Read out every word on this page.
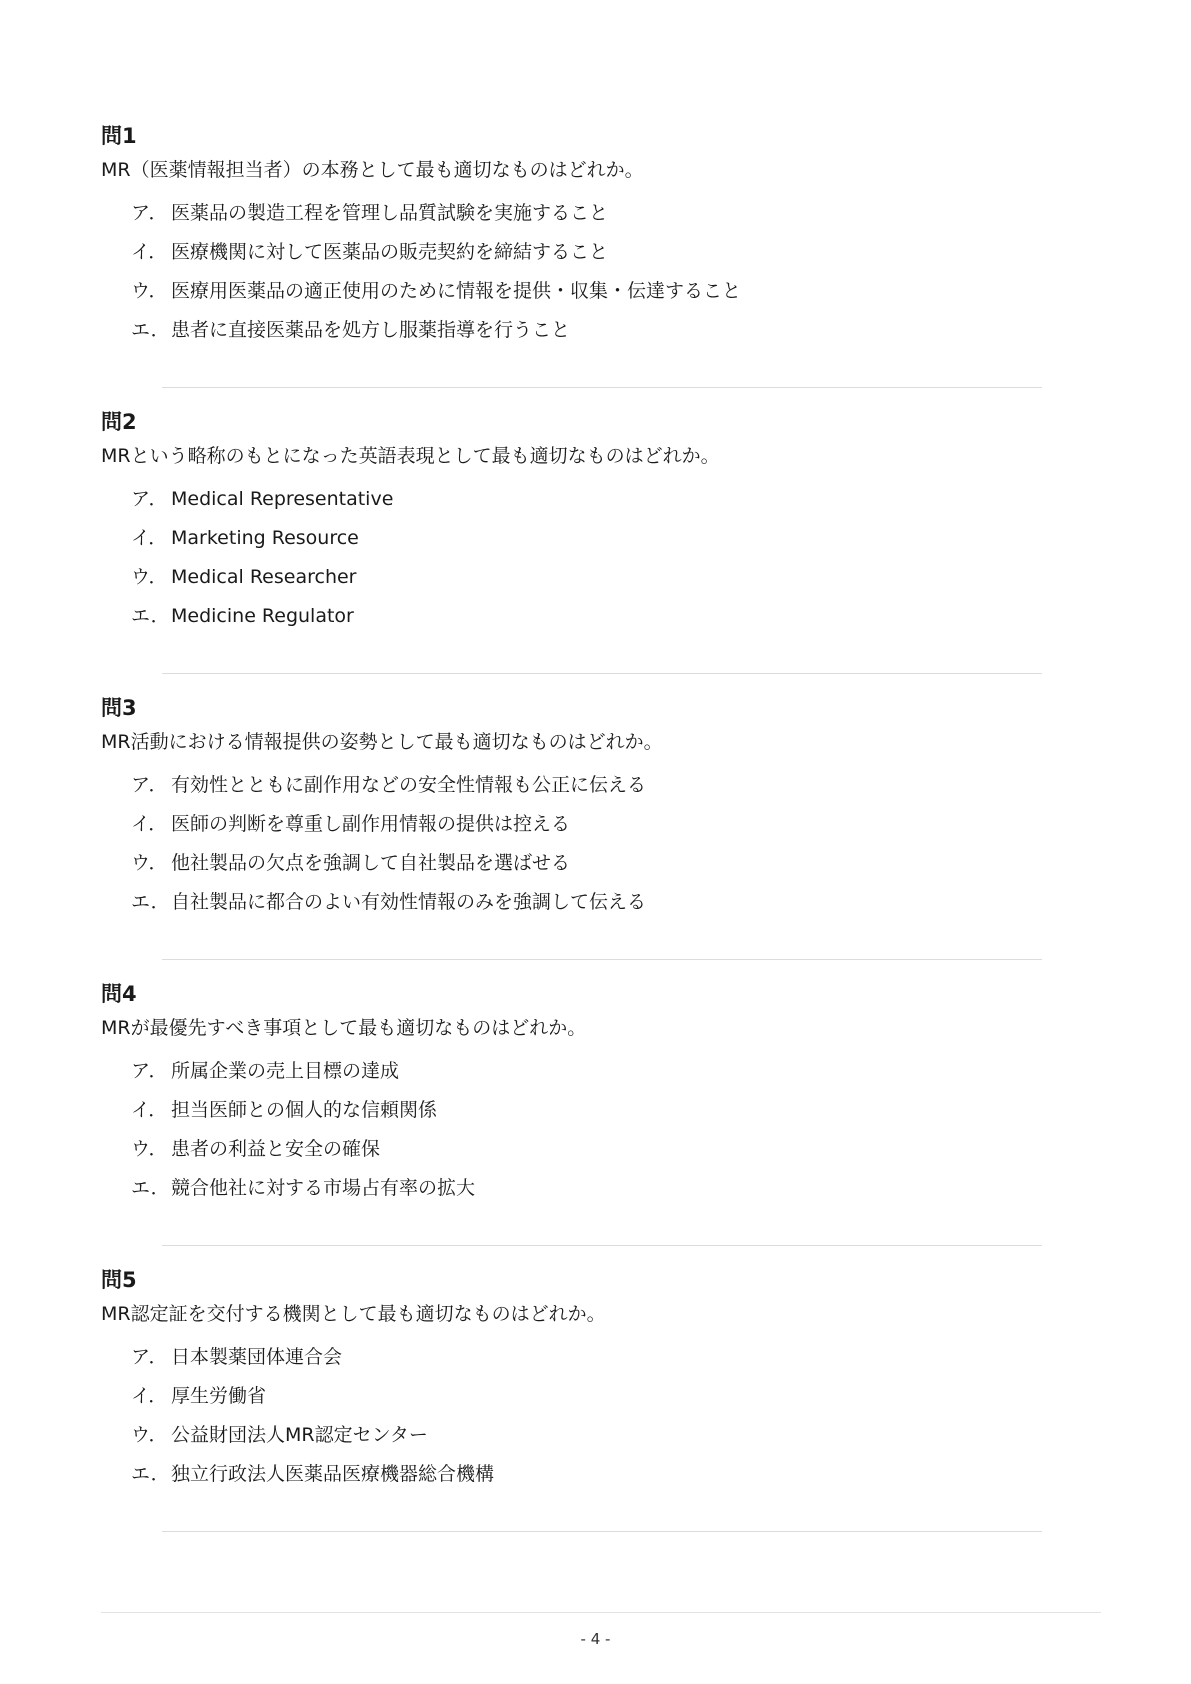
問1

MR（医薬情報担当者）の本務として最も適切なものはどれか。

ア． 医薬品の製造工程を管理し品質試験を実施すること
イ． 医療機関に対して医薬品の販売契約を締結すること
ウ． 医療用医薬品の適正使用のために情報を提供・収集・伝達すること
エ．患者に直接医薬品を処方し服薬指導を行うこと
問2

MRという略称のもとになった英語表現として最も適切なものはどれか。

ア． Medical Representative
イ． Marketing Resource
ウ． Medical Researcher
エ．Medicine Regulator
問3

MR活動における情報提供の姿勢として最も適切なものはどれか。

ア． 有効性とともに副作用などの安全性情報も公正に伝える
イ． 医師の判断を尊重し副作用情報の提供は控える
ウ． 他社製品の欠点を強調して自社製品を選ばせる
エ．自社製品に都合のよい有効性情報のみを強調して伝える
問4

MRが最優先すべき事項として最も適切なものはどれか。

ア． 所属企業の売上目標の達成
イ． 担当医師との個人的な信頼関係
ウ． 患者の利益と安全の確保
エ．競合他社に対する市場占有率の拡大
問5

MR認定証を交付する機関として最も適切なものはどれか。

ア． 日本製薬団体連合会
イ． 厚生労働省
ウ． 公益財団法人MR認定センター
エ．独立行政法人医薬品医療機器総合機構
- 4 -
